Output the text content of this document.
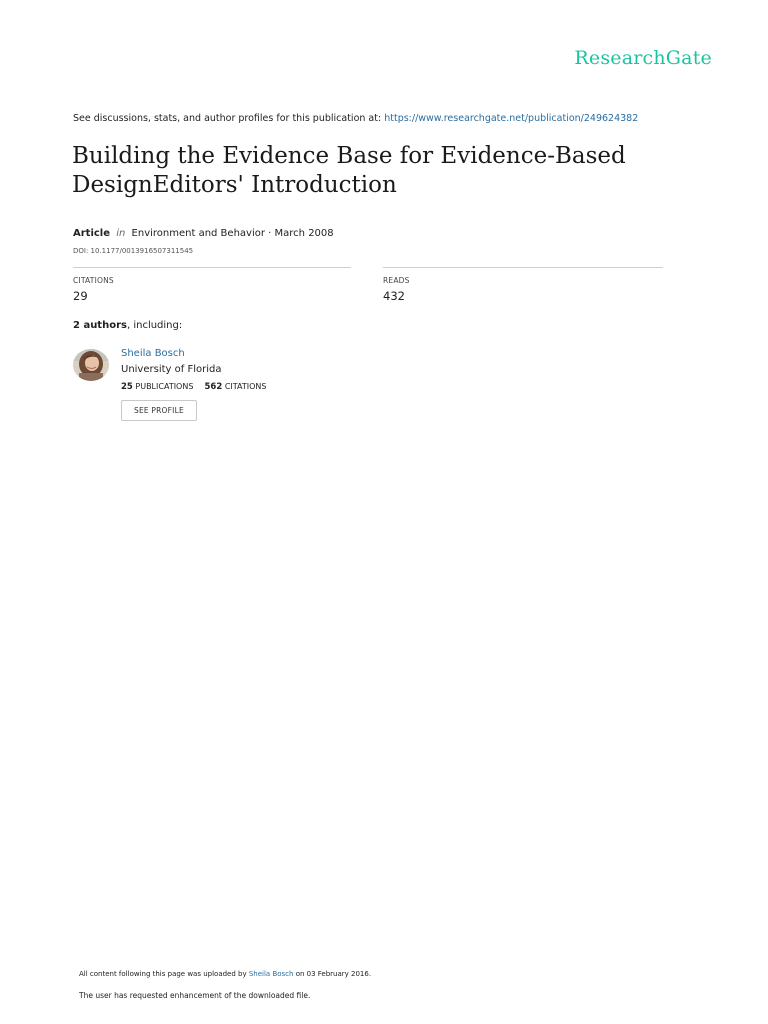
ResearchGate
See discussions, stats, and author profiles for this publication at: https://www.researchgate.net/publication/249624382
Building the Evidence Base for Evidence-Based DesignEditors' Introduction
Article in Environment and Behavior · March 2008
DOI: 10.1177/0013916507311545
CITATIONS
29
READS
432
2 authors, including:
Sheila Bosch
University of Florida
25 PUBLICATIONS 562 CITATIONS
SEE PROFILE
All content following this page was uploaded by Sheila Bosch on 03 February 2016.
The user has requested enhancement of the downloaded file.
